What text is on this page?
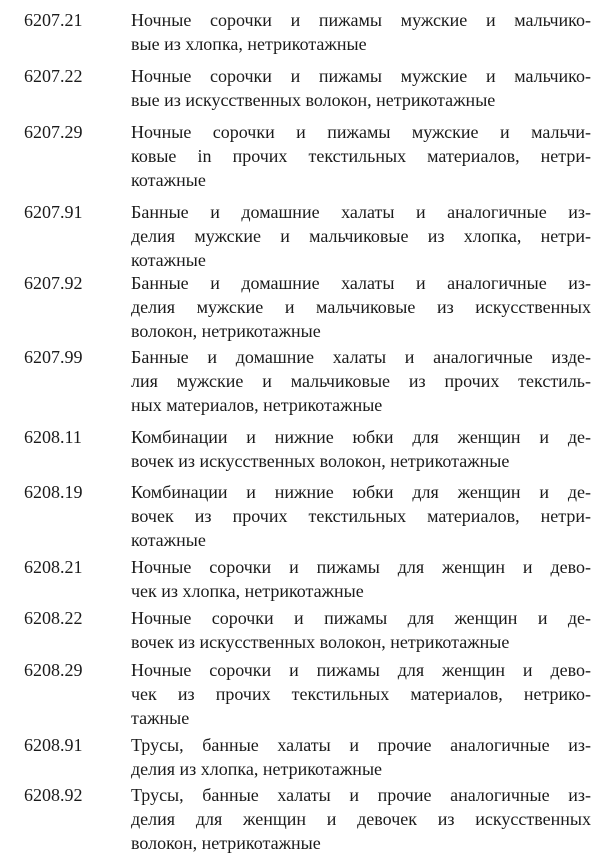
6207.21	Ночные сорочки и пижамы мужские и мальчико-
вые из хлопка, нетрикотажные
6207.22	Ночные сорочки и пижамы мужские и мальчико-
вые из искусственных волокон, нетрикотажные
6207.29	Ночные сорочки и пижамы мужские и мальчи-
ковые in прочих текстильных материалов, нетри-
котажные
6207.91	Банные и домашние халаты и аналогичные из-
делия мужские и мальчиковые из хлопка, нетри-
котажные
6207.92	Банные и домашние халаты и аналогичные из-
делия мужские и мальчиковые из искусственных
волокон, нетрикотажные
6207.99	Банные и домашние халаты и аналогичные изде-
лия мужские и мальчиковые из прочих текстиль-
ных материалов, нетрикотажные
6208.11	Комбинации и нижние юбки для женщин и де-
вочек из искусственных волокон, нетрикотажные
6208.19	Комбинации и нижние юбки для женщин и де-
вочек из прочих текстильных материалов, нетри-
котажные
6208.21	Ночные сорочки и пижамы для женщин и дево-
чек из хлопка, нетрикотажные
6208.22	Ночные сорочки и пижамы для женщин и де-
вочек из искусственных волокон, нетрикотажные
6208.29	Ночные сорочки и пижамы для женщин и дево-
чек из прочих текстильных материалов, нетрико-
тажные
6208.91	Трусы, банные халаты и прочие аналогичные из-
делия из хлопка, нетрикотажные
6208.92	Трусы, банные халаты и прочие аналогичные из-
делия для женщин и девочек из искусственных
волокон, нетрикотажные
